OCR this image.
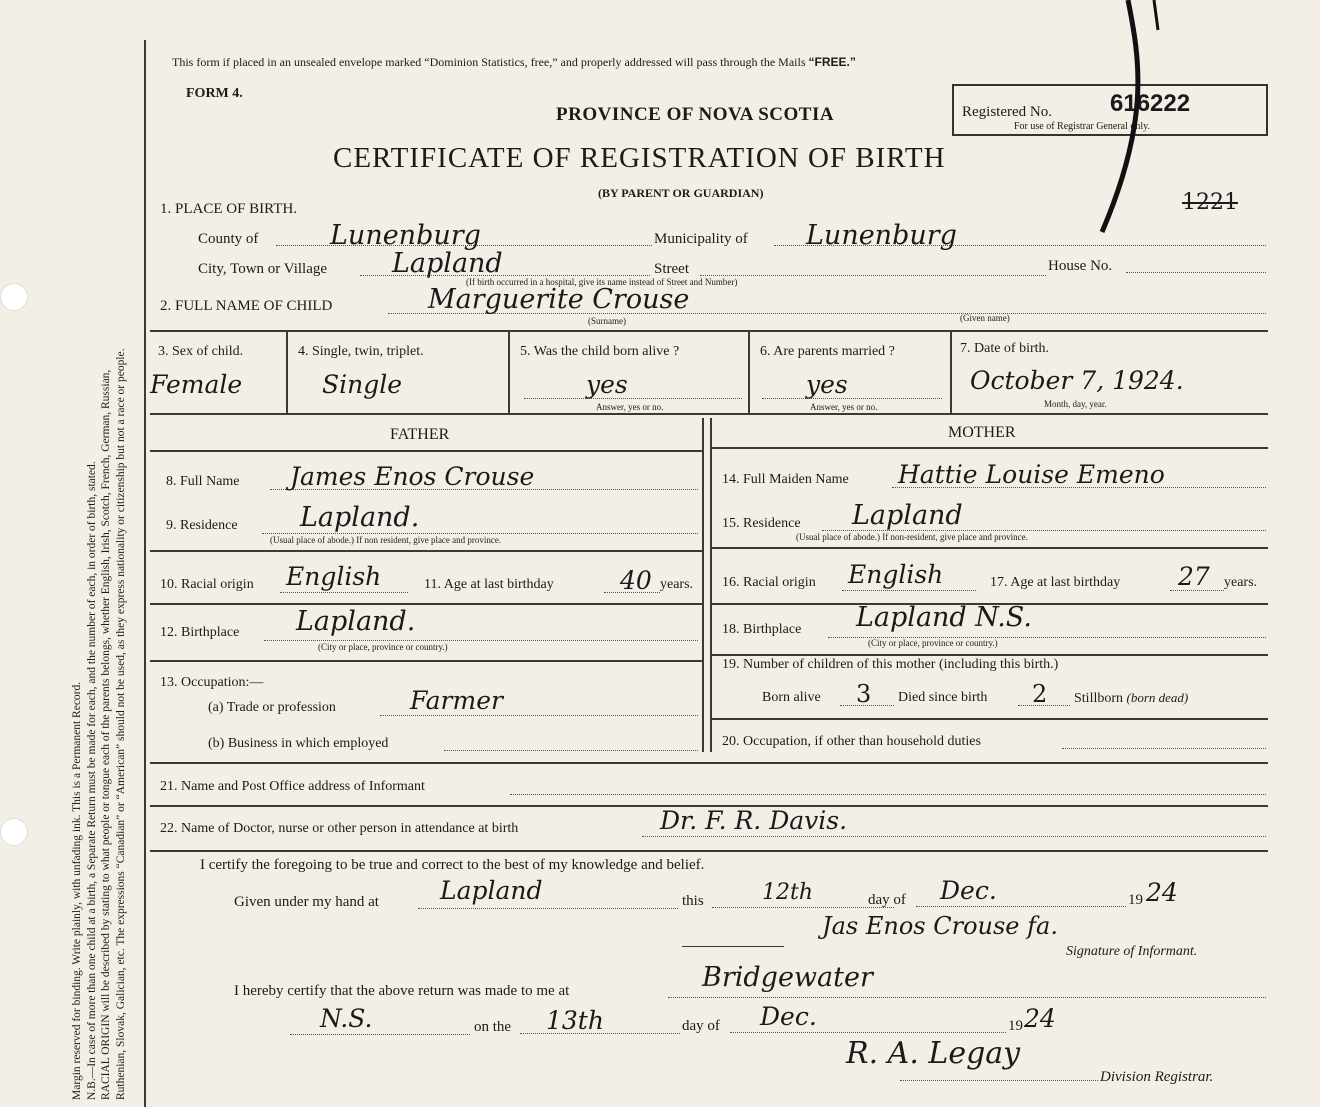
Margin reserved for binding. Write plainly, with unfading ink. This is a Permanent Record. N.B.—In case of more than one child at a birth, a Separate Return must be made for each, and the number of each, in order of birth, stated. RACIAL ORIGIN will be described by stating to what people or tongue each of the parents belongs, whether English, Irish, Scotch, French, German, Russian, Ruthenian, Slovak, Galician, etc. The expressions “Canadian” or “American” should not be used, as they express nationality or citizenship but not a race or people.
This form if placed in an unsealed envelope marked “Dominion Statistics, free,” and properly addressed will pass through the Mails “FREE.”
FORM 4.
PROVINCE OF NOVA SCOTIA
CERTIFICATE OF REGISTRATION OF BIRTH
(BY PARENT OR GUARDIAN)
Registered No. 616222
For use of Registrar General only.
1221
1. PLACE OF BIRTH.
County of	Lunenburg	Municipality of Lunenburg
City, Town or Village Lapland	Street	House No.
(If birth occurred in a hospital, give its name instead of Street and Number)
2. FULL NAME OF CHILD	Marguerite Crouse
(Surname)	(Given name)
3. Sex of child.
Female
4. Single, twin, triplet.
Single
5. Was the child born alive ?
yes
Answer, yes or no.
6. Are parents married ?
yes
Answer, yes or no.
7. Date of birth.
October 7, 1924.
Month, day, year.
FATHER	MOTHER
8. Full Name James Enos Crouse
9. Residence Lapland.
(Usual place of abode.) If non resident, give place and province.
10. Racial origin English	11. Age at last birthday	40 years.
12. Birthplace Lapland.
(City or place, province or country.)
13. Occupation:—
(a) Trade or profession	Farmer
(b) Business in which employed
14. Full Maiden Name Hattie Louise Emeno
15. Residence Lapland
(Usual place of abode.) If non-resident, give place and province.
16. Racial origin English	17. Age at last birthday 27 years.
18. Birthplace Lapland N.S.
(City or place, province or country.)
19. Number of children of this mother (including this birth.)
Born alive 3 Died since birth 2 Stillborn (born dead)
20. Occupation, if other than household duties
21. Name and Post Office address of Informant
22. Name of Doctor, nurse or other person in attendance at birth	Dr. F. R. Davis.
I certify the foregoing to be true and correct to the best of my knowledge and belief.
Given under my hand at Lapland	this	12th	day of Dec.	19 24
Jas Enos Crouse fa.
Signature of Informant.
I hereby certify that the above return was made to me at	Bridgewater
N.S.	on the 13th	day of Dec.	19 24
R. A. Legay
Division Registrar.
